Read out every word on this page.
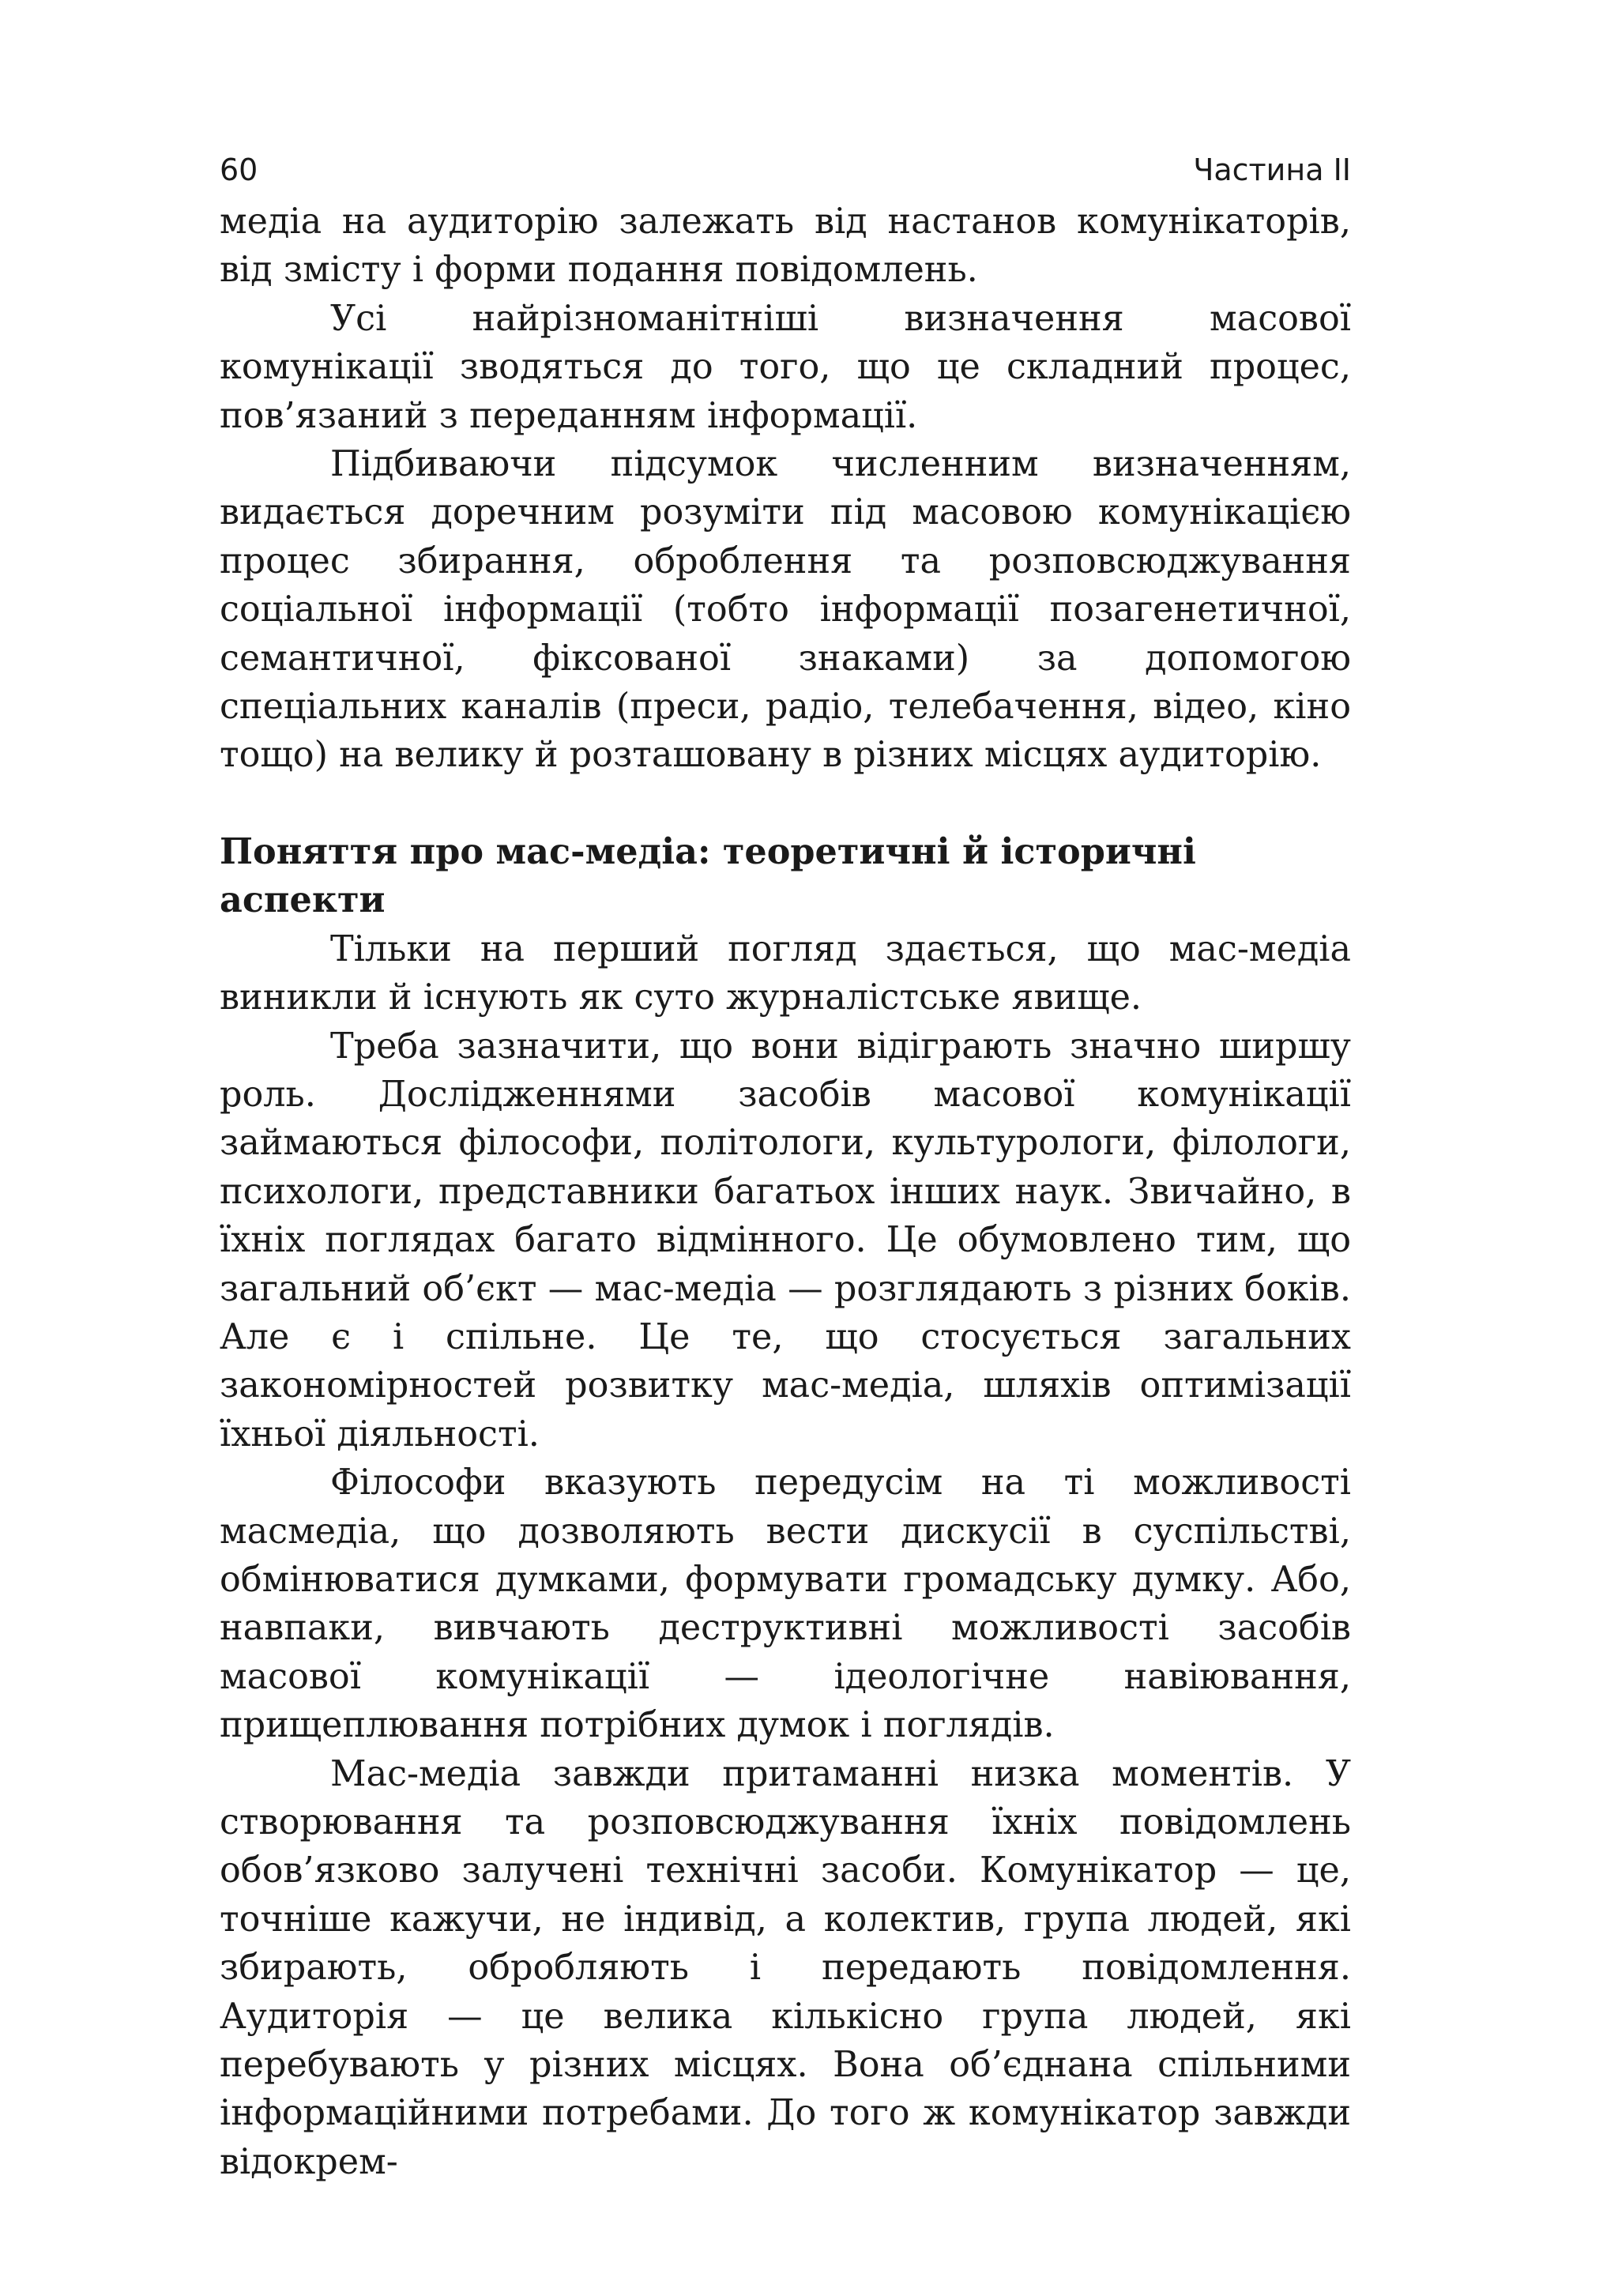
60	Частина II

медіа на аудиторію залежать від настанов комунікаторів, від змісту і форми подання повідомлень.

Усі найрізноманітніші визначення масової комунікації зводяться до того, що це складний процес, пов’язаний з переданням інформації.

Підбиваючи підсумок численним визначенням, видається доречним розуміти під масовою комунікацією процес збирання, оброблення та розповсюджування соціальної інформації (тобто інформації позагенетичної, семантичної, фіксованої знаками) за допомогою спеціальних каналів (преси, радіо, телебачення, відео, кіно тощо) на велику й розташовану в різних місцях аудиторію.

Поняття про мас-медіа: теоретичні й історичні аспекти

Тільки на перший погляд здається, що мас-медіа виникли й існують як суто журналістське явище.

Треба зазначити, що вони відіграють значно ширшу роль. Дослідженнями засобів масової комунікації займаються філософи, політологи, культурологи, філологи, психологи, представники багатьох інших наук. Звичайно, в їхніх поглядах багато відмінного. Це обумовлено тим, що загальний об’єкт — мас-медіа — розглядають з різних боків. Але є і спільне. Це те, що стосується загальних закономірностей розвитку мас-медіа, шляхів оптимізації їхньої діяльності.

Філософи вказують передусім на ті можливості масмедіа, що дозволяють вести дискусії в суспільстві, обмінюватися думками, формувати громадську думку. Або, навпаки, вивчають деструктивні можливості засобів масової комунікації — ідеологічне навіювання, прищеплювання потрібних думок і поглядів.

Мас-медіа завжди притаманні низка моментів. У створювання та розповсюджування їхніх повідомлень обов’язково залучені технічні засоби. Комунікатор — це, точніше кажучи, не індивід, а колектив, група людей, які збирають, обробляють і передають повідомлення. Аудиторія — це велика кількісно група людей, які перебувають у різних місцях. Вона об’єднана спільними інформаційними потребами. До того ж комунікатор завжди відокрем-
